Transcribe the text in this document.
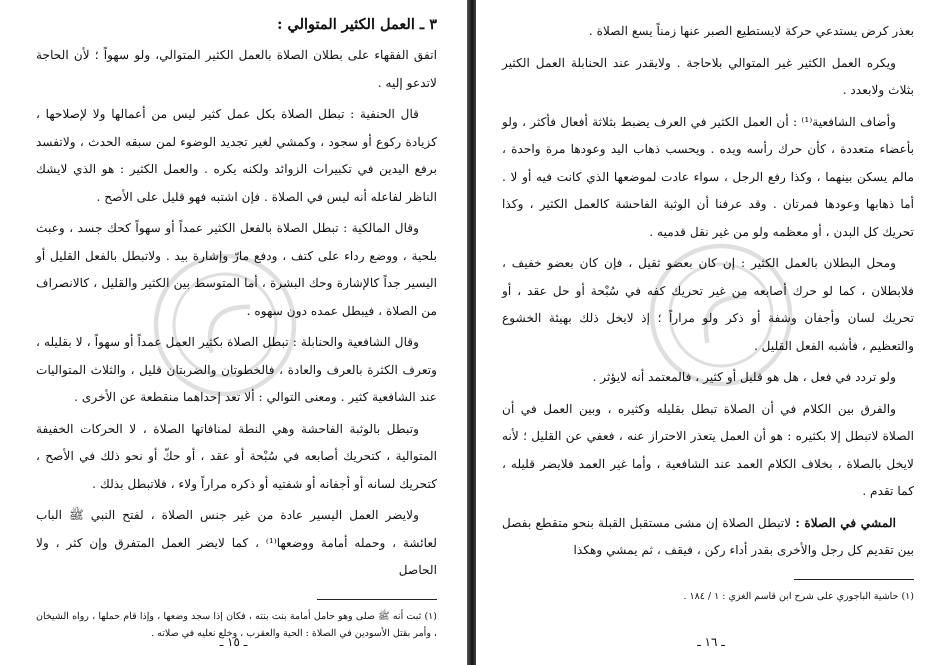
٣ ـ العمل الكثير المتوالي :

اتفق الفقهاء على بطلان الصلاة بالعمل الكثير المتوالي، ولو سهواً ؛ لأن الحاجة لاتدعو إليه .

قال الحنفية : تبطل الصلاة بكل عمل كثير ليس من أعمالها ولا لإصلاحها ، كزيادة ركوع أو سجود ، وكمشي لغير تجديد الوضوء لمن سبقه الحدث ، ولاتفسد برفع اليدين في تكبيرات الزوائد ولكنه يكره . والعمل الكثير : هو الذي لايشك الناظر لفاعله أنه ليس في الصلاة . فإن اشتبه فهو قليل على الأصح .

وقال المالكية : تبطل الصلاة بالفعل الكثير عمداً أو سهواً كحك جسد ، وعبث بلحية ، ووضع رداء على كتف ، ودفع مارّ وإشارة بيد . ولاتبطل بالفعل القليل أو اليسير جداً كالإشارة وحك البشرة ، أما المتوسط بين الكثير والقليل ، كالانصراف من الصلاة ، فيبطل عمده دون سهوه .

وقال الشافعية والحنابلة : تبطل الصلاة بكثير العمل عمداً أو سهواً ، لا بقليله ، وتعرف الكثرة بالعرف والعادة ، فالخطوتان والضربتان قليل ، والثلاث المتواليات عند الشافعية كثير . ومعنى التوالي : ألا تعد إحداهما منقطعة عن الأخرى .

وتبطل بالوثبة الفاحشة وهي النطة لمنافاتها الصلاة ، لا الحركات الخفيفة المتوالية ، كتحريك أصابعه في سُبْحة أو عقد ، أو حكّ أو نحو ذلك في الأصح ، كتحريك لسانه أو أجفانه أو شفتيه أو ذكره مراراً ولاء ، فلاتبطل بذلك .

ولايضر العمل اليسير عادة من غير جنس الصلاة ، لفتح النبي ﷺ الباب لعائشة ، وحمله أمامة ووضعها⁽¹⁾ ، كما لايضر العمل المتفرق وإن كثر ، ولا الحاصل

(١) ثبت أنه ﷺ صلى وهو حامل أمامة بنت بنته ، فكان إذا سجد وضعها ، وإذا قام حملها ، رواه الشيخان ، وأمر بقتل الأسودين في الصلاة : الحية والعقرب ، وخلع نعليه في صلاته .

ـ ١٥ ـ

بعذر كرض يستدعي حركة لايستطيع الصبر عنها زمناً يسع الصلاة .

ويكره العمل الكثير غير المتوالي بلاحاجة . ولايقدر عند الحنابلة العمل الكثير بثلاث ولابعدد .

وأضاف الشافعية⁽¹⁾ : أن العمل الكثير في العرف يضبط بثلاثة أفعال فأكثر ، ولو بأعضاء متعددة ، كأن حرك رأسه ويده . ويحسب ذهاب اليد وعودها مرة واحدة ، مالم يسكن بينهما ، وكذا رفع الرجل ، سواء عادت لموضعها الذي كانت فيه أو لا . أما ذهابها وعودها فمرتان . وقد عرفنا أن الوثبة الفاحشة كالعمل الكثير ، وكذا تحريك كل البدن ، أو معظمه ولو من غير نقل قدميه .

ومحل البطلان بالعمل الكثير : إن كان بعضو ثقيل ، فإن كان بعضو خفيف ، فلابطلان ، كما لو حرك أصابعه من غير تحريك كفه في سُبْحة أو حل عقد ، أو تحريك لسان وأجفان وشفة أو ذكر ولو مراراً ؛ إذ لايخل ذلك بهيئة الخشوع والتعظيم ، فأشبه الفعل القليل .

ولو تردد في فعل ، هل هو قليل أو كثير ، فالمعتمد أنه لايؤثر .

والفرق بين الكلام في أن الصلاة تبطل بقليله وكثيره ، وبين العمل في أن الصلاة لاتبطل إلا بكثيره : هو أن العمل يتعذر الاحتراز عنه ، فعفي عن القليل ؛ لأنه لايخل بالصلاة ، بخلاف الكلام العمد عند الشافعية ، وأما غير العمد فلايضر قليله ، كما تقدم .

المشي في الصلاة : لاتبطل الصلاة إن مشى مستقبل القبلة بنحو متقطع بفصل بين تقديم كل رجل والأخرى بقدر أداء ركن ، فيقف ، ثم يمشي وهكذا

(١) حاشية الباجوري على شرح ابن قاسم الغزي : ١ / ١٨٤ .

ـ ١٦ ـ
